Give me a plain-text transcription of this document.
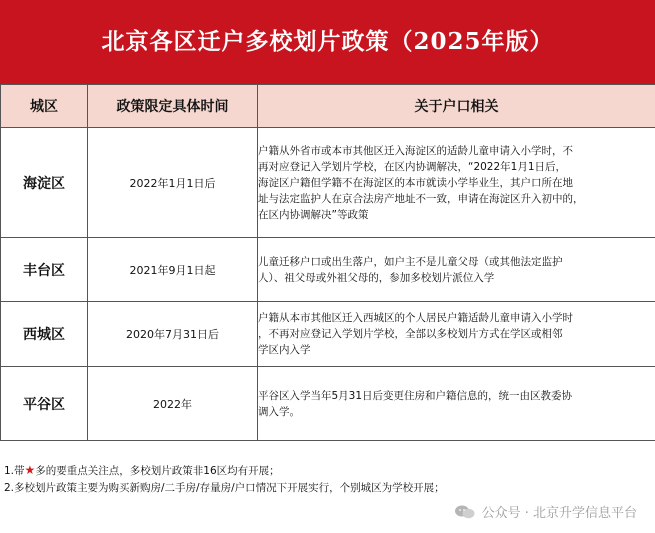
北京各区迁户多校划片政策（2025年版）
城区	政策限定具体时间	关于户口相关
海淀区	2022年1月1日后	户籍从外省市或本市其他区迁入海淀区的适龄儿童申请入小学时，不
再对应登记入学划片学校，在区内协调解决，“2022年1月1日后，
海淀区户籍但学籍不在海淀区的本市就读小学毕业生，其户口所在地
址与法定监护人在京合法房产地址不一致，申请在海淀区升入初中的，
在区内协调解决”等政策

丰台区	2021年9月1日起	儿童迁移户口或出生落户，如户主不是儿童父母（或其他法定监护
人）、祖父母或外祖父母的，参加多校划片派位入学

西城区	2020年7月31日后	户籍从本市其他区迁入西城区的个人居民户籍适龄儿童申请入小学时
，不再对应登记入学划片学校，全部以多校划片方式在学区或相邻
学区内入学

平谷区	2022年	平谷区入学当年5月31日后变更住房和户籍信息的，统一由区教委协
调入学。
1.带★多的要重点关注点，多校划片政策非16区均有开展；
2.多校划片政策主要为购买新购房/二手房/存量房/户口情况下开展实行，个别城区为学校开展；
公众号 · 北京升学信息平台
